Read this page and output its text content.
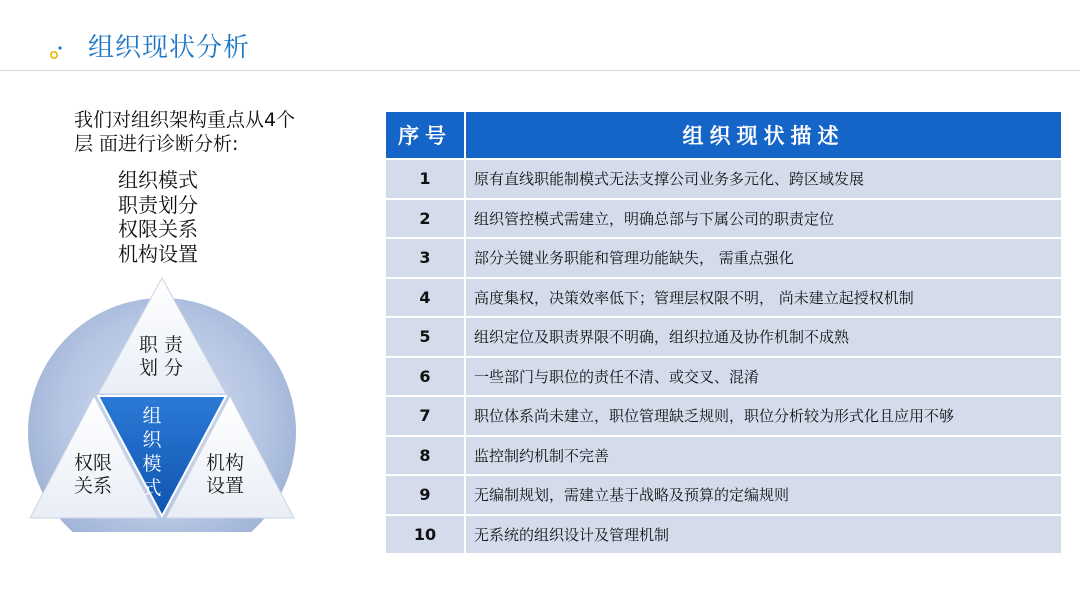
组织现状分析
我们对组织架构重点从4个
层 面进行诊断分析:
组织模式
职责划分
权限关系
机构设置
职 责
划 分
权限
关系
机构
设置
组
织
模
式
序号	组织现状描述
1	原有直线职能制模式无法支撑公司业务多元化、跨区域发展
2	组织管控模式需建立，明确总部与下属公司的职责定位
3	部分关键业务职能和管理功能缺失， 需重点强化
4	高度集权，决策效率低下；管理层权限不明， 尚未建立起授权机制
5	组织定位及职责界限不明确，组织拉通及协作机制不成熟
6	一些部门与职位的责任不清、或交叉、混淆
7	职位体系尚未建立，职位管理缺乏规则，职位分析较为形式化且应用不够
8	监控制约机制不完善
9	无编制规划，需建立基于战略及预算的定编规则
10	无系统的组织设计及管理机制
